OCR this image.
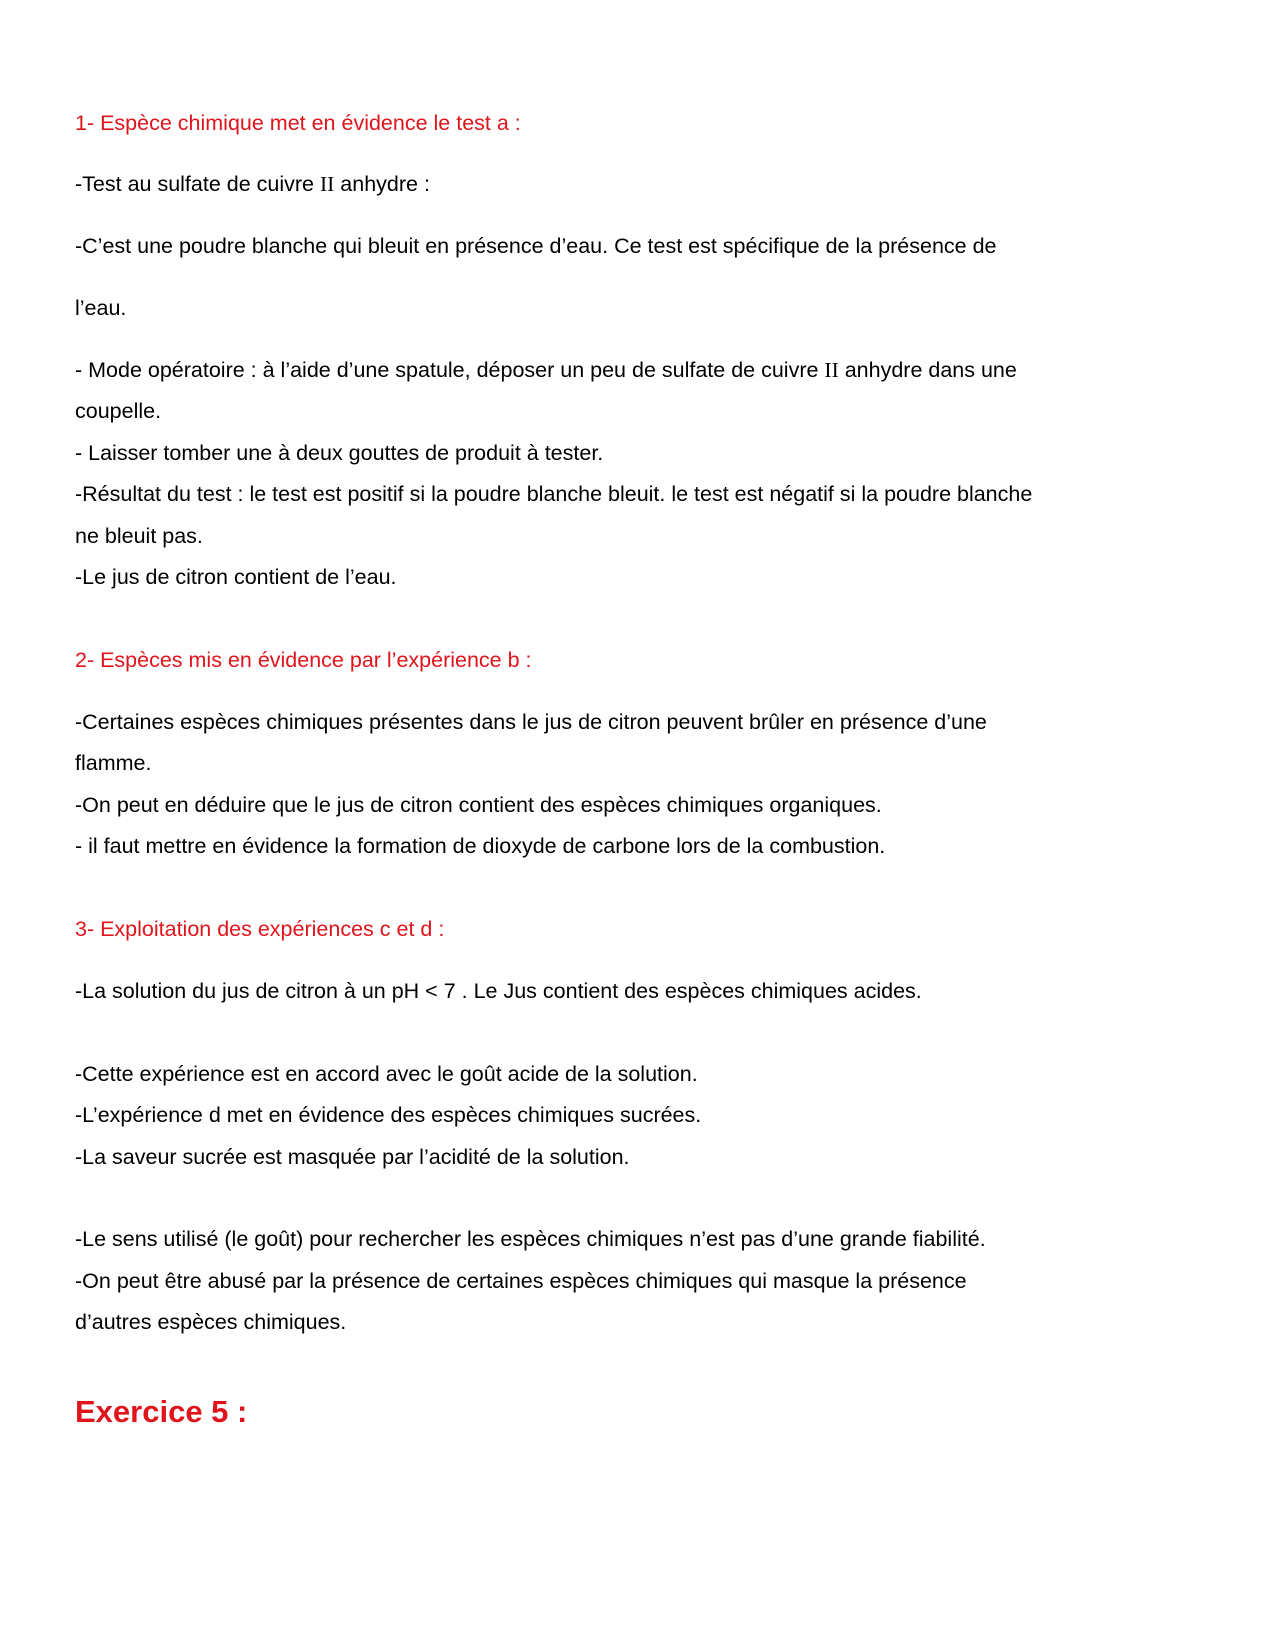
1- Espèce chimique met en évidence le test a :

-Test au sulfate de cuivre II anhydre :

-C’est une poudre blanche qui bleuit en présence d’eau. Ce test est spécifique de la présence de

l’eau.

- Mode opératoire : à l’aide d’une spatule, déposer un peu de sulfate de cuivre II anhydre dans une

coupelle.

- Laisser tomber une à deux gouttes de produit à tester.

-Résultat du test : le test est positif si la poudre blanche bleuit. le test est négatif si la poudre blanche

ne bleuit pas.

-Le jus de citron contient de l’eau.

2- Espèces mis en évidence par l’expérience b :

-Certaines espèces chimiques présentes dans le jus de citron peuvent brûler en présence d’une

flamme.

-On peut en déduire que le jus de citron contient des espèces chimiques organiques.

- il faut mettre en évidence la formation de dioxyde de carbone lors de la combustion.

3- Exploitation des expériences c et d :

-La solution du jus de citron à un pH < 7 . Le Jus contient des espèces chimiques acides.

-Cette expérience est en accord avec le goût acide de la solution.

-L’expérience d met en évidence des espèces chimiques sucrées.

-La saveur sucrée est masquée par l’acidité de la solution.

-Le sens utilisé (le goût) pour rechercher les espèces chimiques n’est pas d’une grande fiabilité.

-On peut être abusé par la présence de certaines espèces chimiques qui masque la présence

d’autres espèces chimiques.

Exercice 5 :
